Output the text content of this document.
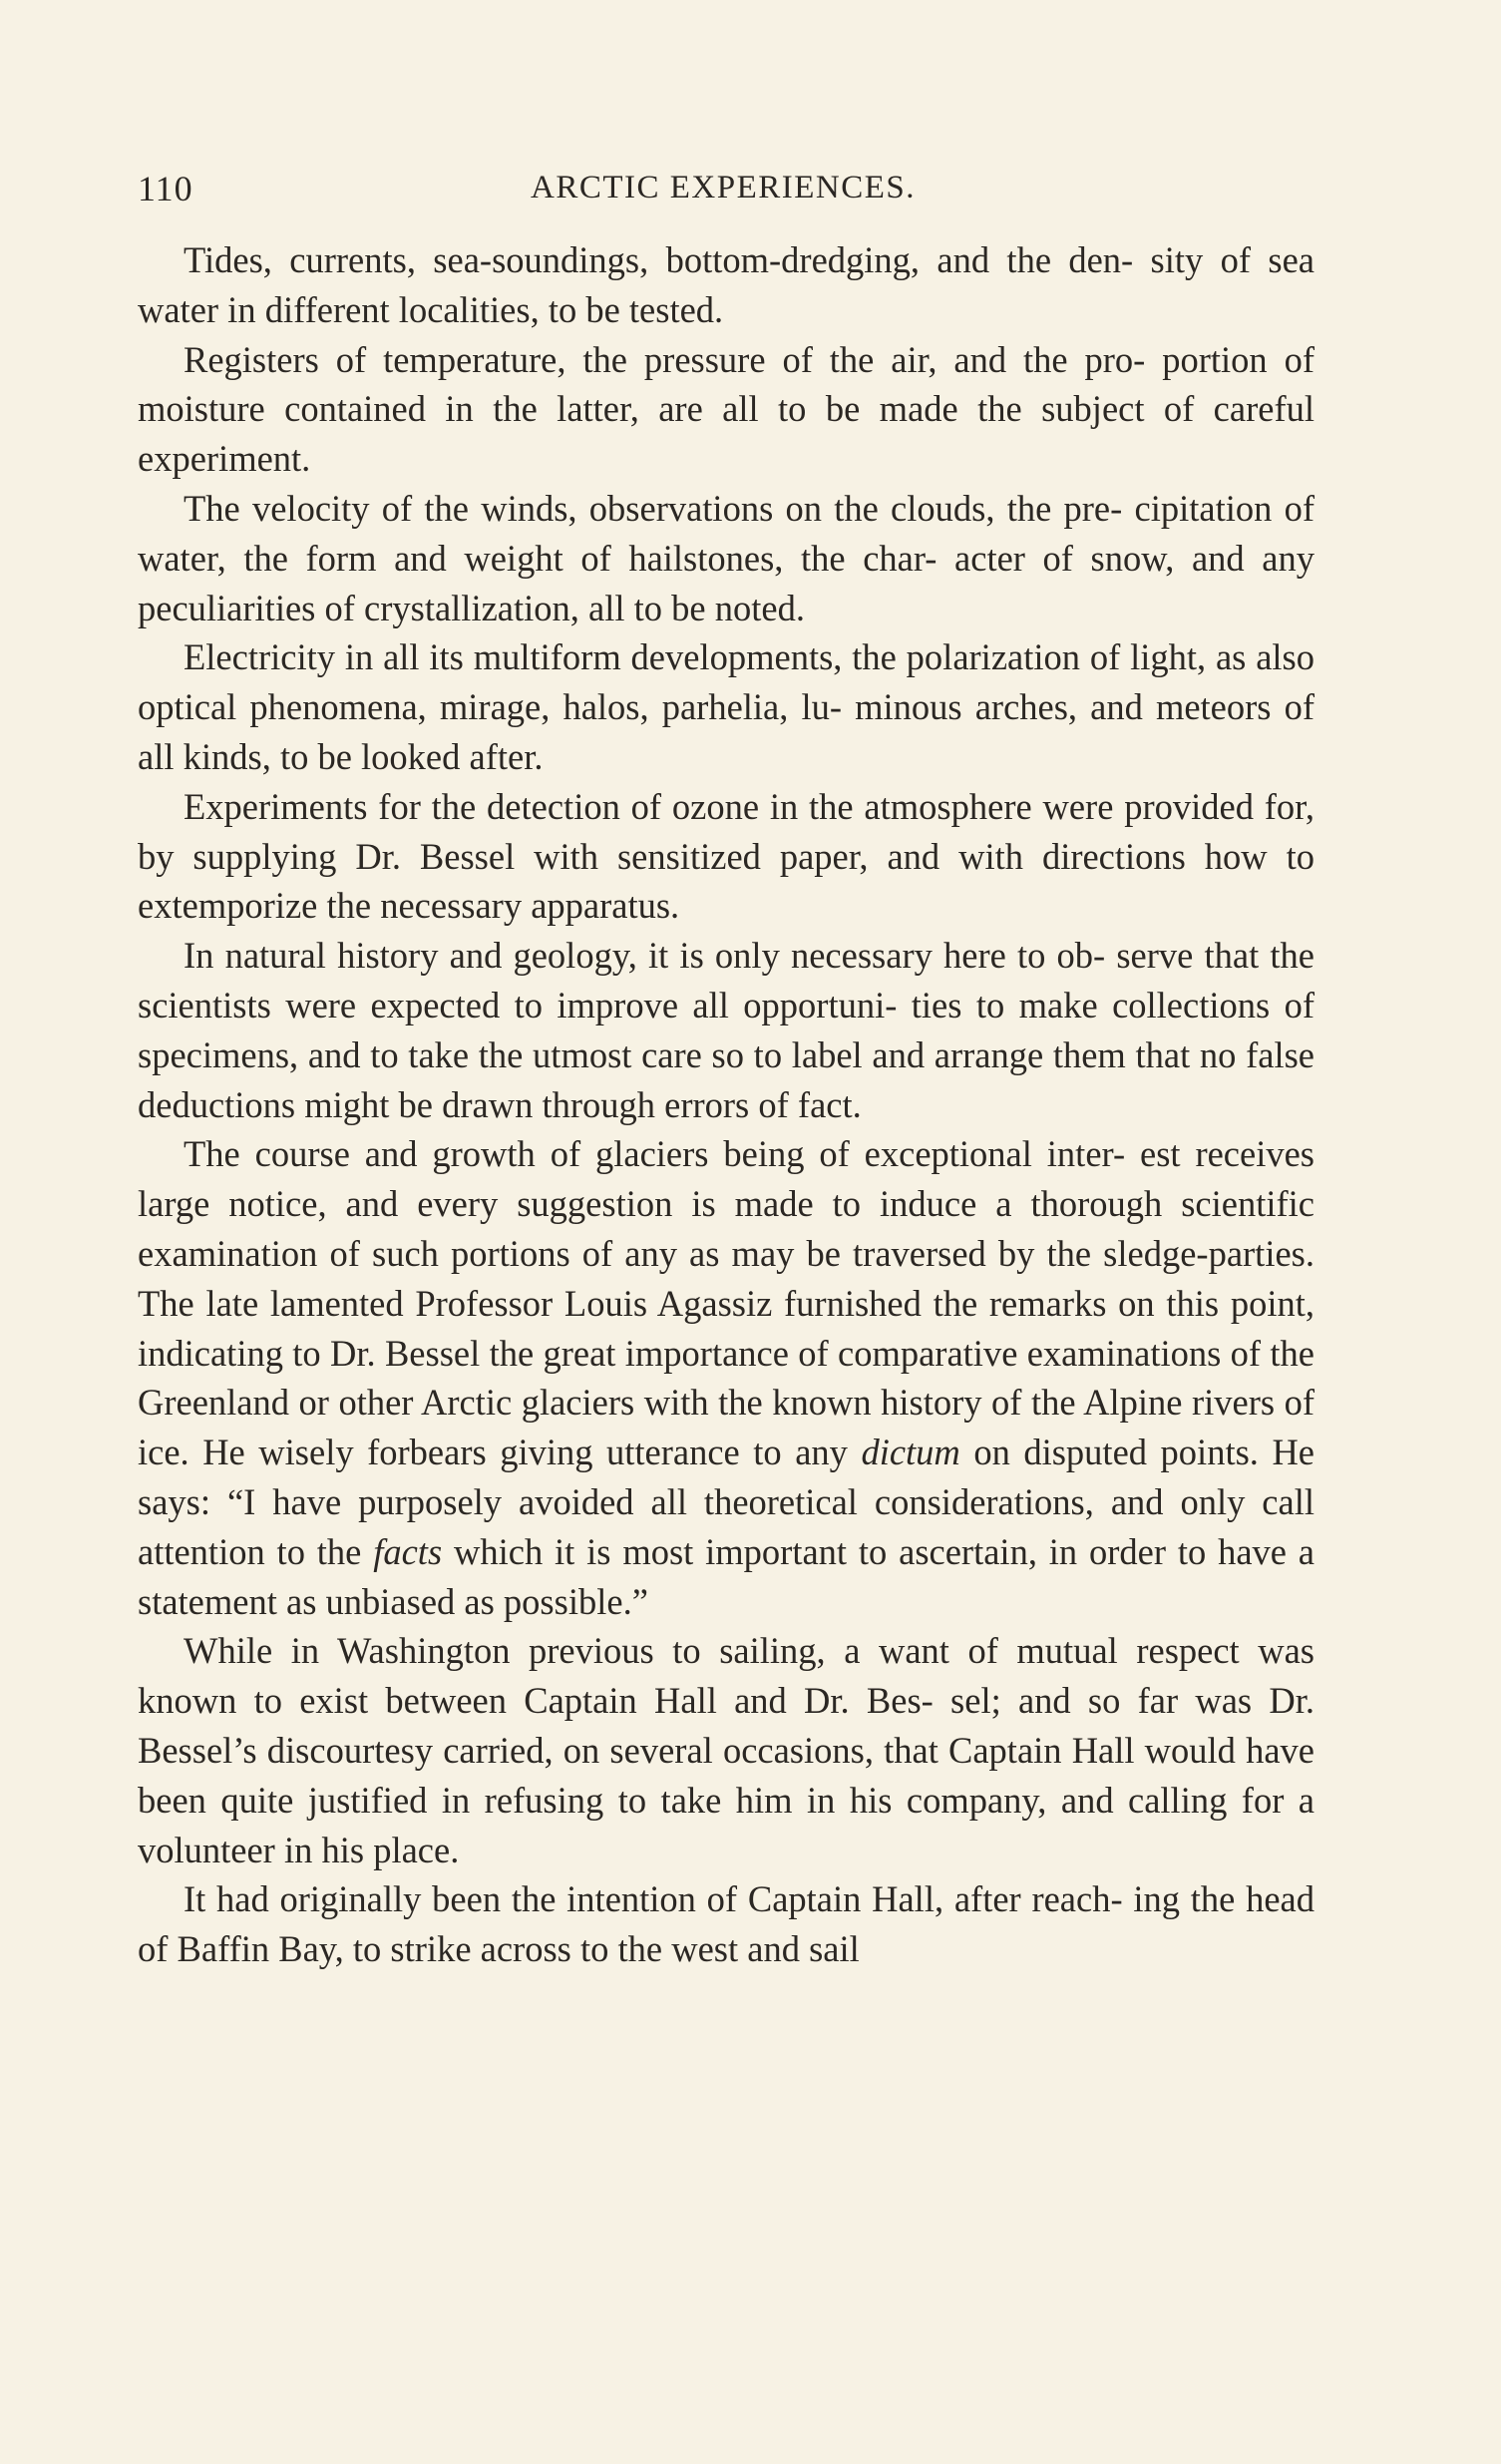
110	ARCTIC EXPERIENCES.

Tides, currents, sea-soundings, bottom-dredging, and the den- sity of sea water in different localities, to be tested.

Registers of temperature, the pressure of the air, and the pro- portion of moisture contained in the latter, are all to be made the subject of careful experiment.

The velocity of the winds, observations on the clouds, the pre- cipitation of water, the form and weight of hailstones, the char- acter of snow, and any peculiarities of crystallization, all to be noted.

Electricity in all its multiform developments, the polarization of light, as also optical phenomena, mirage, halos, parhelia, lu- minous arches, and meteors of all kinds, to be looked after.

Experiments for the detection of ozone in the atmosphere were provided for, by supplying Dr. Bessel with sensitized paper, and with directions how to extemporize the necessary apparatus.

In natural history and geology, it is only necessary here to ob- serve that the scientists were expected to improve all opportuni- ties to make collections of specimens, and to take the utmost care so to label and arrange them that no false deductions might be drawn through errors of fact.

The course and growth of glaciers being of exceptional inter- est receives large notice, and every suggestion is made to induce a thorough scientific examination of such portions of any as may be traversed by the sledge-parties. The late lamented Professor Louis Agassiz furnished the remarks on this point, indicating to Dr. Bessel the great importance of comparative examinations of the Greenland or other Arctic glaciers with the known history of the Alpine rivers of ice. He wisely forbears giving utterance to any dictum on disputed points. He says: “I have purposely avoided all theoretical considerations, and only call attention to the facts which it is most important to ascertain, in order to have a statement as unbiased as possible.”

While in Washington previous to sailing, a want of mutual respect was known to exist between Captain Hall and Dr. Bes- sel; and so far was Dr. Bessel’s discourtesy carried, on several occasions, that Captain Hall would have been quite justified in refusing to take him in his company, and calling for a volunteer in his place.

It had originally been the intention of Captain Hall, after reach- ing the head of Baffin Bay, to strike across to the west and sail
